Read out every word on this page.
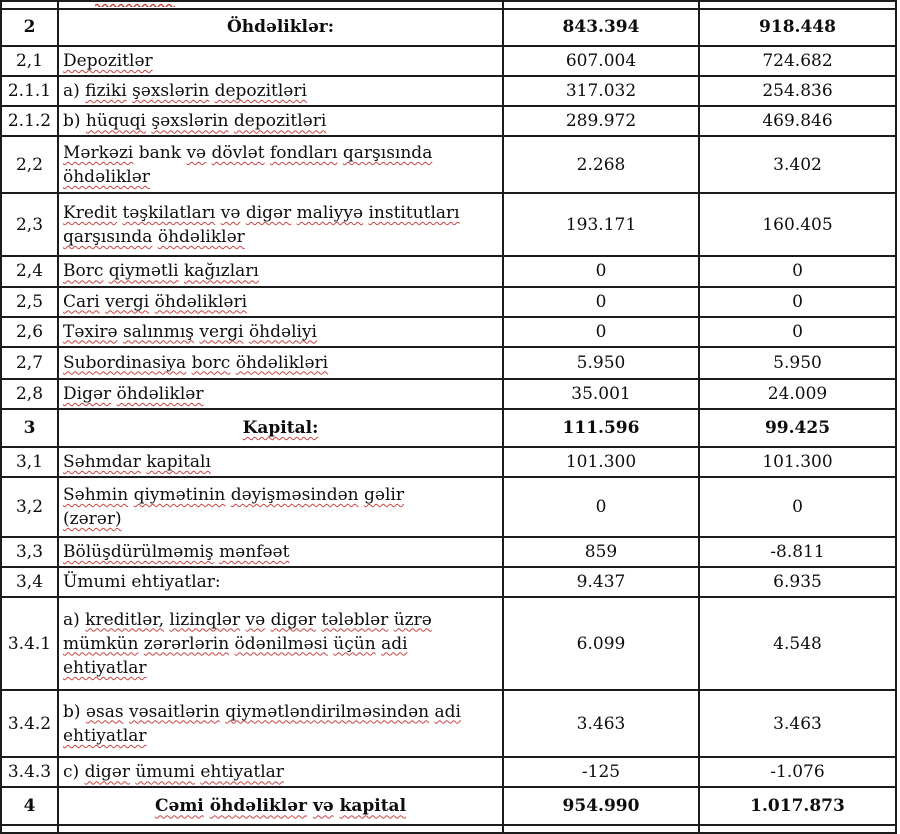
2	Öhdəliklər:	843.394	918.448
2,1	Depozitlər	607.004	724.682
2.1.1	a) fiziki şəxslərin depozitləri	317.032	254.836
2.1.2	b) hüquqi şəxslərin depozitləri	289.972	469.846
2,2	Mərkəzi bank və dövlət fondları qarşısında
öhdəliklər	2.268	3.402
2,3	Kredit təşkilatları və digər maliyyə institutları
qarşısında öhdəliklər	193.171	160.405
2,4	Borc qiymətli kağızları	0	0
2,5	Cari vergi öhdəlikləri	0	0
2,6	Təxirə salınmış vergi öhdəliyi	0	0
2,7	Subordinasiya borc öhdəlikləri	5.950	5.950
2,8	Digər öhdəliklər	35.001	24.009
3	Kapital:	111.596	99.425
3,1	Səhmdar kapitalı	101.300	101.300
3,2	Səhmin qiymətinin dəyişməsindən gəlir
(zərər)	0	0
3,3	Bölüşdürülməmiş mənfəət	859	-8.811
3,4	Ümumi ehtiyatlar:	9.437	6.935
3.4.1	a) kreditlər, lizinqlər və digər tələblər üzrə
mümkün zərərlərin ödənilməsi üçün adi
ehtiyatlar	6.099	4.548
3.4.2	b) əsas vəsaitlərin qiymətləndirilməsindən adi
ehtiyatlar	3.463	3.463
3.4.3	c) digər ümumi ehtiyatlar	-125	-1.076
4	Cəmi öhdəliklər və kapital	954.990	1.017.873
